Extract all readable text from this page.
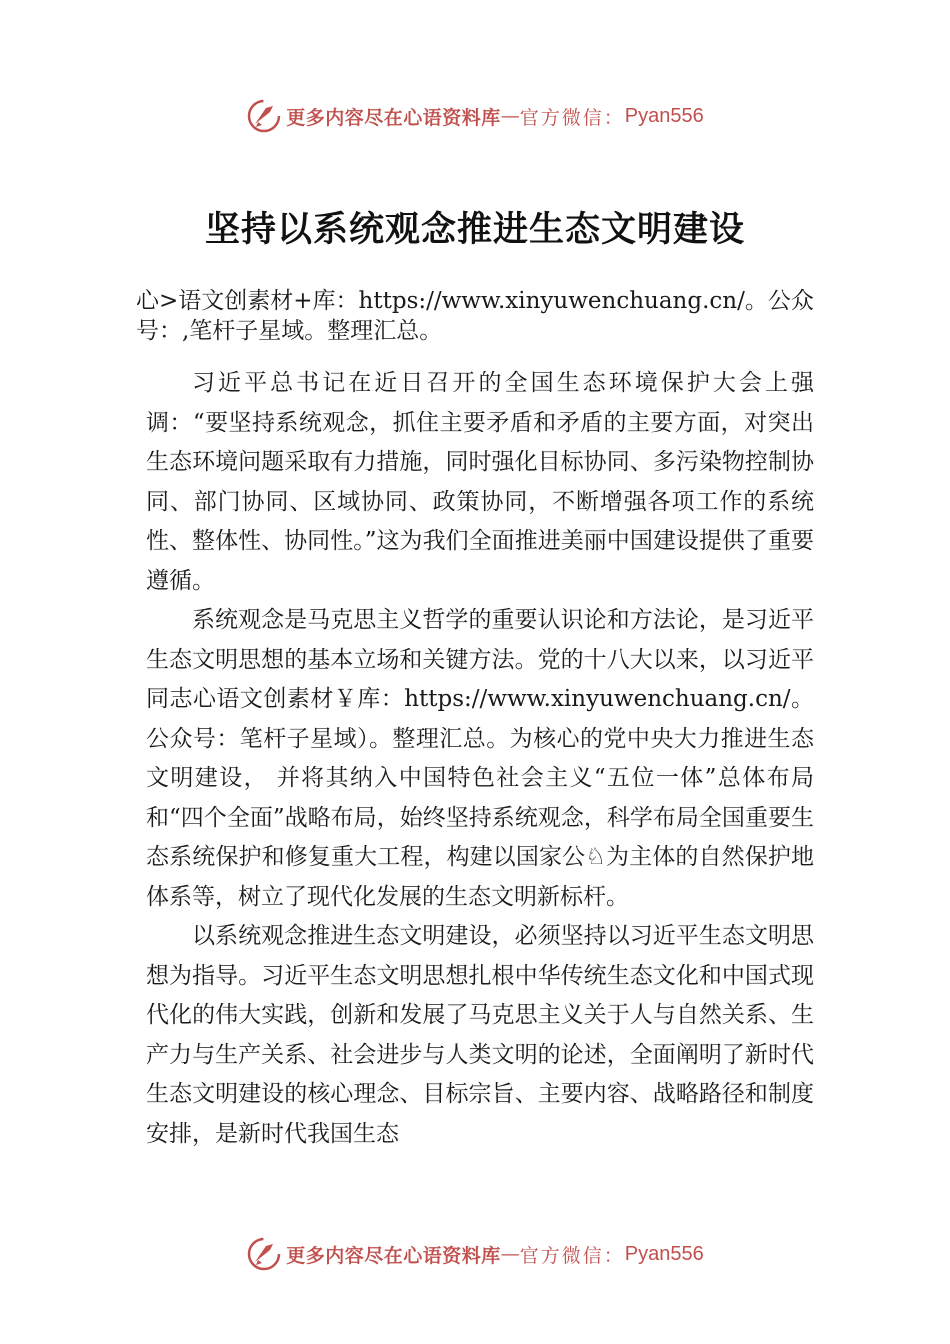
更多内容尽在心语资料库 — 官方微信： Pyan556
坚持以系统观念推进生态文明建设
心>语文创素材+库：https://www.xinyuwenchuang.cn/。公众号：,笔杆子星域。整理汇总。

习近平总书记在近日召开的全国生态环境保护大会上强调：“要坚持系统观念，抓住主要矛盾和矛盾的主要方面，对突出生态环境问题采取有力措施，同时强化目标协同、多污染物控制协同、部门协同、区域协同、政策协同，不断增强各项工作的系统性、整体性、协同性。”这为我们全面推进美丽中国建设提供了重要遵循。

系统观念是马克思主义哲学的重要认识论和方法论，是习近平生态文明思想的基本立场和关键方法。党的十八大以来，以习近平同志心语文创素材￥库：https://www.xinyuwenchuang.cn/。公众号：笔杆子星域）。整理汇总。为核心的党中央大力推进生态文明建设， 并将其纳入中国特色社会主义“五位一体”总体布局和“四个全面”战略布局，始终坚持系统观念，科学布局全国重要生态系统保护和修复重大工程，构建以国家公♘为主体的自然保护地体系等，树立了现代化发展的生态文明新标杆。

以系统观念推进生态文明建设，必须坚持以习近平生态文明思想为指导。习近平生态文明思想扎根中华传统生态文化和中国式现代化的伟大实践，创新和发展了马克思主义关于人与自然关系、生产力与生产关系、社会进步与人类文明的论述，全面阐明了新时代生态文明建设的核心理念、目标宗旨、主要内容、战略路径和制度安排，是新时代我国生态

更多内容尽在心语资料库 — 官方微信： Pyan556
